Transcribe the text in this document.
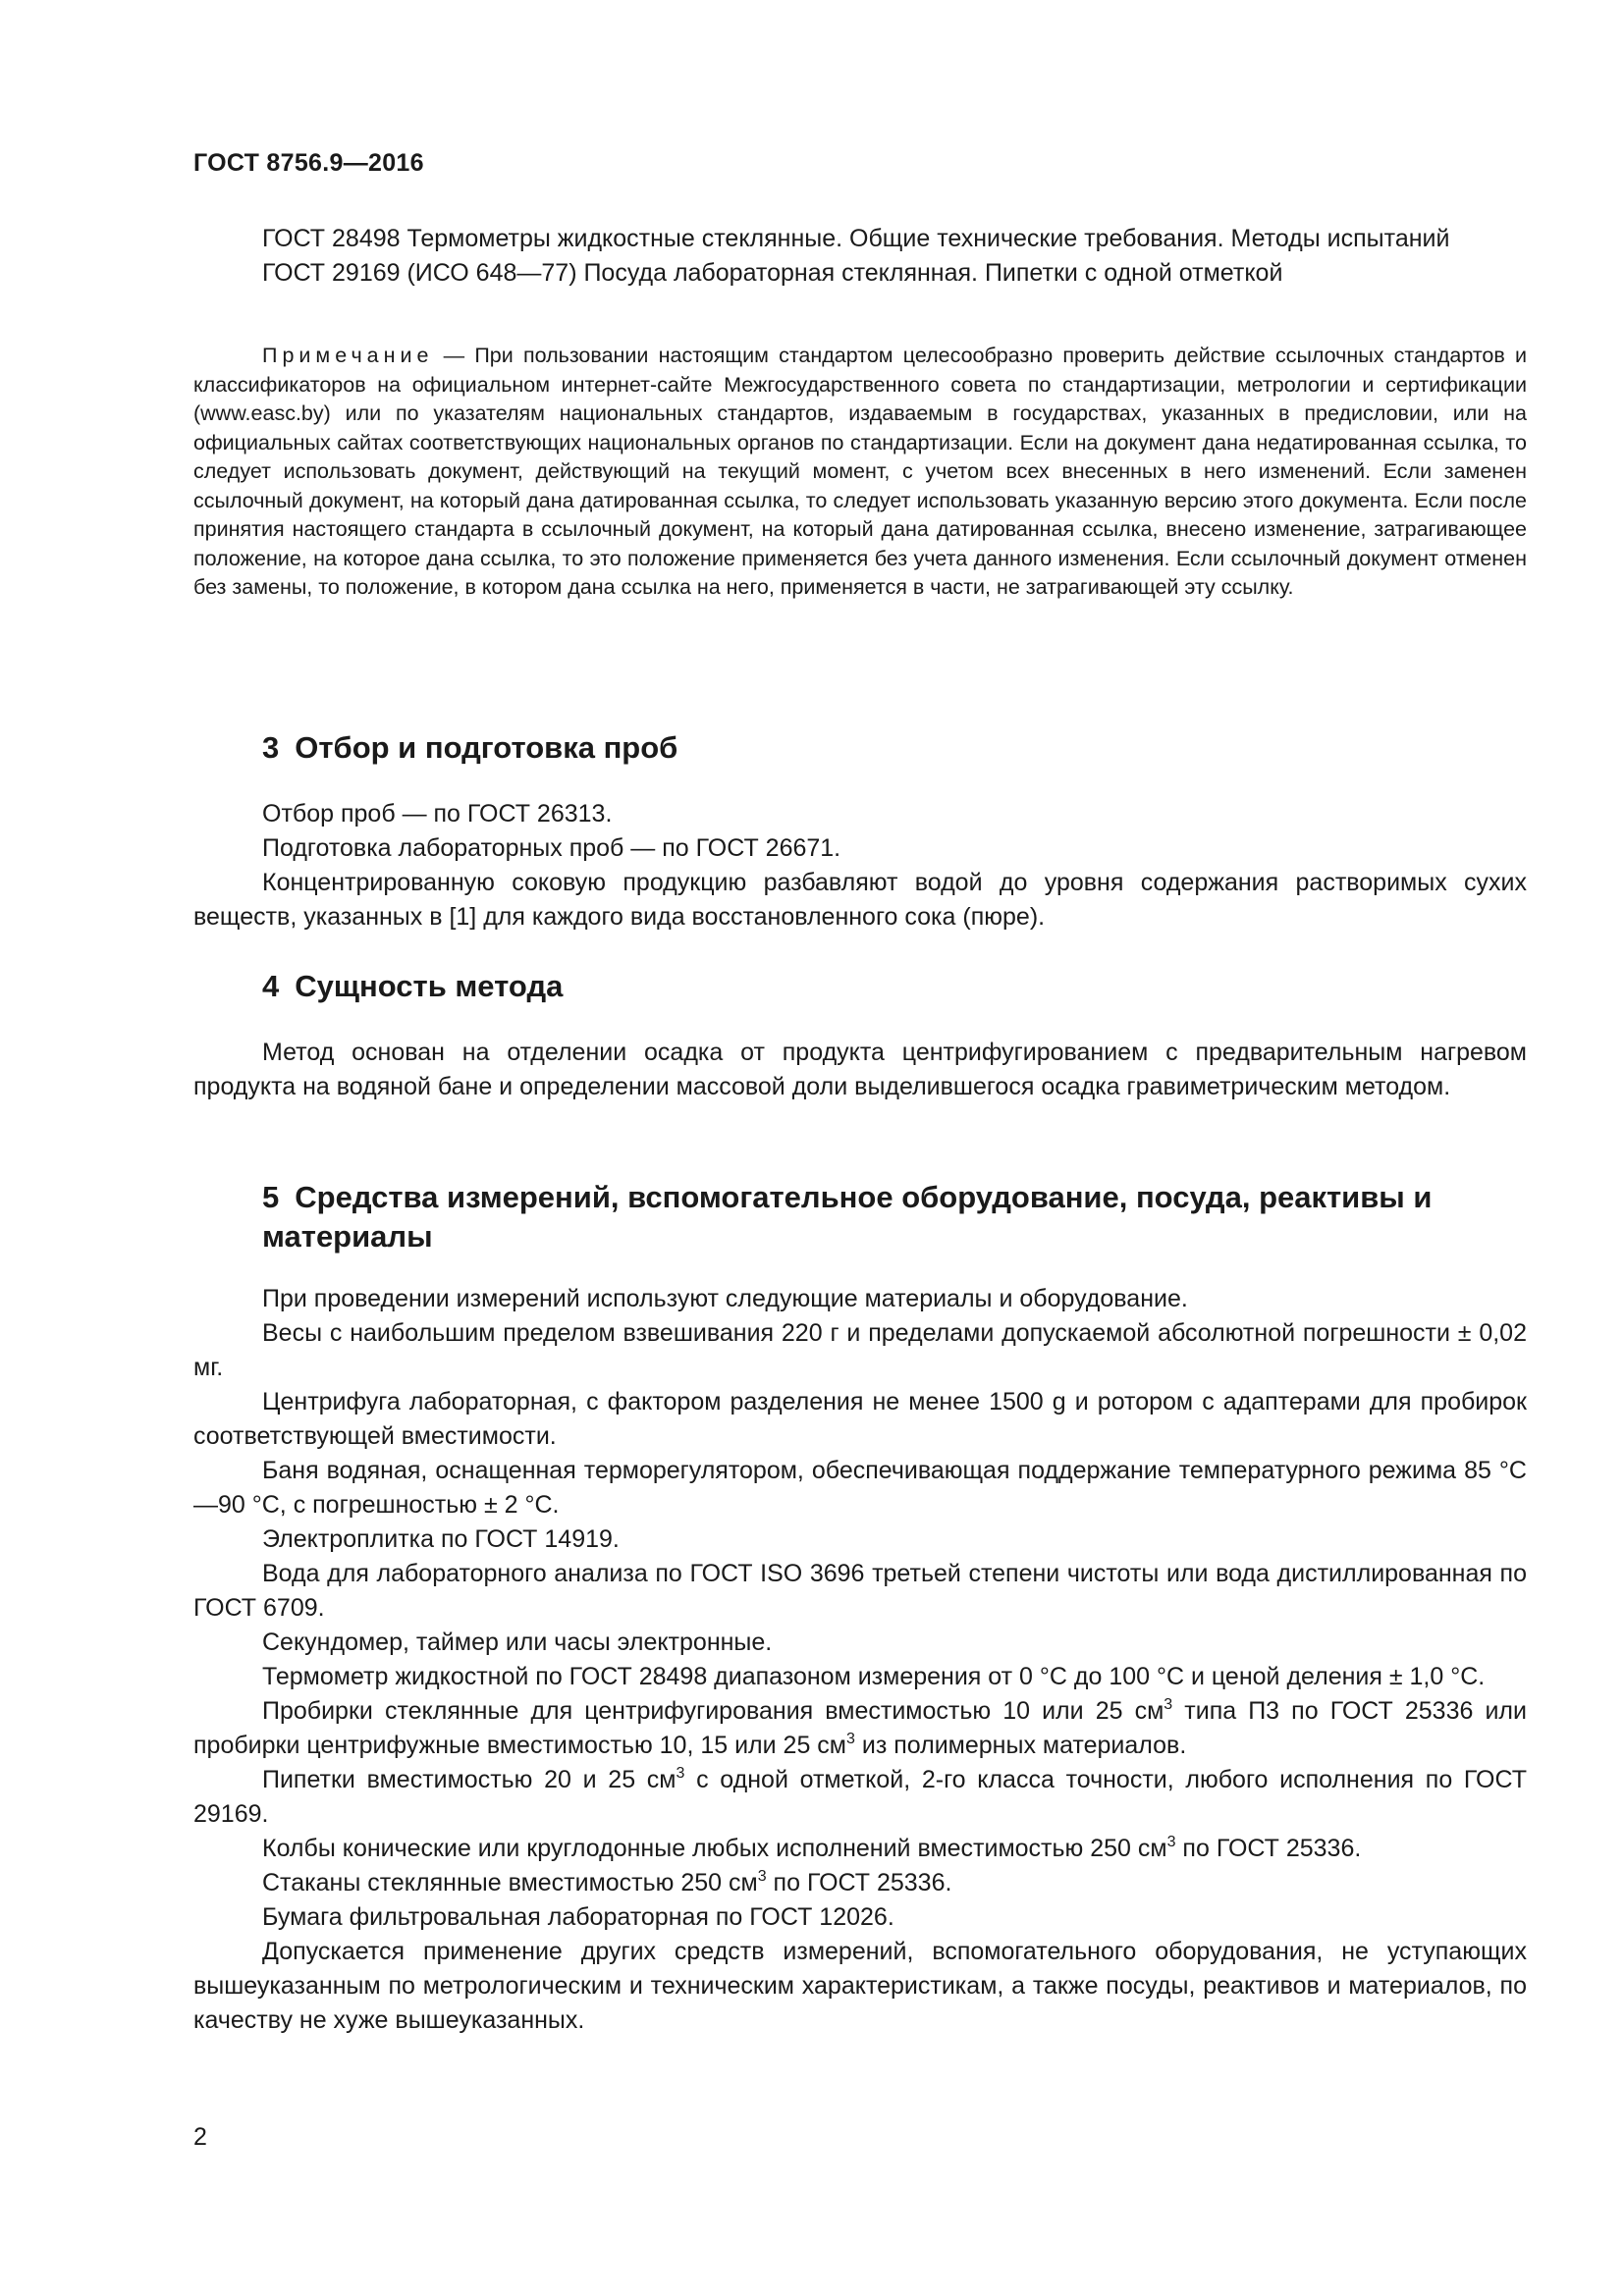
ГОСТ 8756.9—2016

ГОСТ 28498 Термометры жидкостные стеклянные. Общие технические требования. Методы испытаний

ГОСТ 29169 (ИСО 648—77) Посуда лабораторная стеклянная. Пипетки с одной отметкой

Примечание — При пользовании настоящим стандартом целесообразно проверить действие ссылочных стандартов и классификаторов на официальном интернет-сайте Межгосударственного совета по стандартизации, метрологии и сертификации (www.easc.by) или по указателям национальных стандартов, издаваемым в государствах, указанных в предисловии, или на официальных сайтах соответствующих национальных органов по стандартизации. Если на документ дана недатированная ссылка, то следует использовать документ, действующий на текущий момент, с учетом всех внесенных в него изменений. Если заменен ссылочный документ, на который дана датированная ссылка, то следует использовать указанную версию этого документа. Если после принятия настоящего стандарта в ссылочный документ, на который дана датированная ссылка, внесено изменение, затрагивающее положение, на которое дана ссылка, то это положение применяется без учета данного изменения. Если ссылочный документ отменен без замены, то положение, в котором дана ссылка на него, применяется в части, не затрагивающей эту ссылку.

3 Отбор и подготовка проб

Отбор проб — по ГОСТ 26313.

Подготовка лабораторных проб — по ГОСТ 26671.

Концентрированную соковую продукцию разбавляют водой до уровня содержания растворимых сухих веществ, указанных в [1] для каждого вида восстановленного сока (пюре).

4 Сущность метода

Метод основан на отделении осадка от продукта центрифугированием с предварительным нагревом продукта на водяной бане и определении массовой доли выделившегося осадка гравиметрическим методом.

5 Средства измерений, вспомогательное оборудование, посуда, реактивы и материалы

При проведении измерений используют следующие материалы и оборудование.

Весы с наибольшим пределом взвешивания 220 г и пределами допускаемой абсолютной погрешности ± 0,02 мг.

Центрифуга лабораторная, с фактором разделения не менее 1500 g и ротором с адаптерами для пробирок соответствующей вместимости.

Баня водяная, оснащенная терморегулятором, обеспечивающая поддержание температурного режима 85 °С—90 °С, с погрешностью ± 2 °С.

Электроплитка по ГОСТ 14919.

Вода для лабораторного анализа по ГОСТ ISO 3696 третьей степени чистоты или вода дистиллированная по ГОСТ 6709.

Секундомер, таймер или часы электронные.

Термометр жидкостной по ГОСТ 28498 диапазоном измерения от 0 °С до 100 °С и ценой деления ± 1,0 °С.

Пробирки стеклянные для центрифугирования вместимостью 10 или 25 $см^3$ типа П3 по ГОСТ 25336 или пробирки центрифужные вместимостью 10, 15 или 25 $см^3$ из полимерных материалов.

Пипетки вместимостью 20 и 25 $см^3$ с одной отметкой, 2-го класса точности, любого исполнения по ГОСТ 29169.

Колбы конические или круглодонные любых исполнений вместимостью 250 $см^3$ по ГОСТ 25336.

Стаканы стеклянные вместимостью 250 $см^3$ по ГОСТ 25336.

Бумага фильтровальная лабораторная по ГОСТ 12026.

Допускается применение других средств измерений, вспомогательного оборудования, не уступающих вышеуказанным по метрологическим и техническим характеристикам, а также посуды, реактивов и материалов, по качеству не хуже вышеуказанных.

2
